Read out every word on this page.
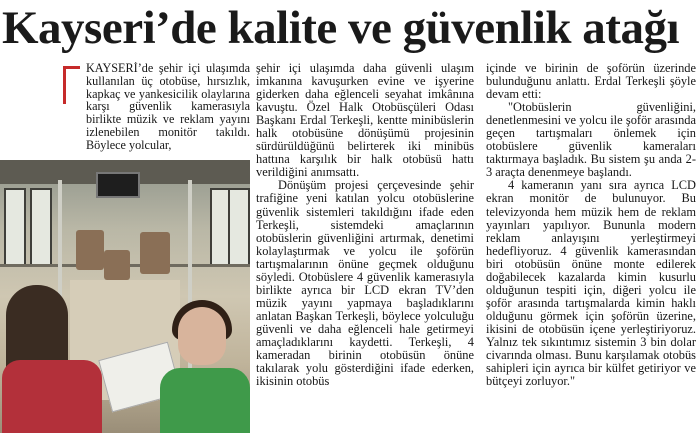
Kayseri’de kalite ve güvenlik atağı

KAYSERİ’de şehir içi ulaşımda kullanılan üç otobüse, hırsızlık, kapkaç ve yankesicilik olaylarına karşı güvenlik kamerasıyla birlikte müzik ve reklam yayını izlenebilen monitör takıldı. Böylece yolcular,

şehir içi ulaşımda daha güvenli ulaşım imkanına kavuşurken evine ve işyerine giderken daha eğlenceli seyahat imkânına kavuştu. Özel Halk Otobüsçüleri Odası Başkanı Erdal Terkeşli, kentte minibüslerin halk otobüsüne dönüşümü projesinin sürdürüldüğünü belirterek iki minibüs hattına karşılık bir halk otobüsü hattı verildiğini anımsattı.

Dönüşüm projesi çerçevesinde şehir trafiğine yeni katılan yolcu otobüslerine güvenlik sistemleri takıldığını ifade eden Terkeşli, sistemdeki amaçlarının otobüslerin güvenliğini artırmak, denetimi kolaylaştırmak ve yolcu ile şoförün tartışmalarının önüne geçmek olduğunu söyledi. Otobüslere 4 güvenlik kamerasıyla birlikte ayrıca bir LCD ekran TV’den müzik yayını yapmaya başladıklarını anlatan Başkan Terkeşli, böylece yolculuğu güvenli ve daha eğlenceli hale getirmeyi amaçladıklarını kaydetti. Terkeşli, 4 kameradan birinin otobüsün önüne takılarak yolu gösterdiğini ifade ederken, ikisinin otobüs

içinde ve birinin de şoförün üzerinde bulunduğunu anlattı. Erdal Terkeşli şöyle devam etti:

"Otobüslerin güvenliğini, denetlenmesini ve yolcu ile şoför arasında geçen tartışmaları önlemek için otobüslere güvenlik kameraları taktırmaya başladık. Bu sistem şu anda 2-3 araçta denenmeye başlandı.

4 kameranın yanı sıra ayrıca LCD ekran monitör de bulunuyor. Bu televizyonda hem müzik hem de reklam yayınları yapılıyor. Bununla modern reklam anlayışını yerleştirmeyi hedefliyoruz. 4 güvenlik kamerasından biri otobüsün önüne monte edilerek doğabilecek kazalarda kimin kusurlu olduğunun tespiti için, diğeri yolcu ile şoför arasında tartışmalarda kimin haklı olduğunu görmek için şoförün üzerine, ikisini de otobüsün içene yerleştiriyoruz. Yalnız tek sıkıntımız sistemin 3 bin dolar civarında olması. Bunu karşılamak otobüs sahipleri için ayrıca bir külfet getiriyor ve bütçeyi zorluyor."
